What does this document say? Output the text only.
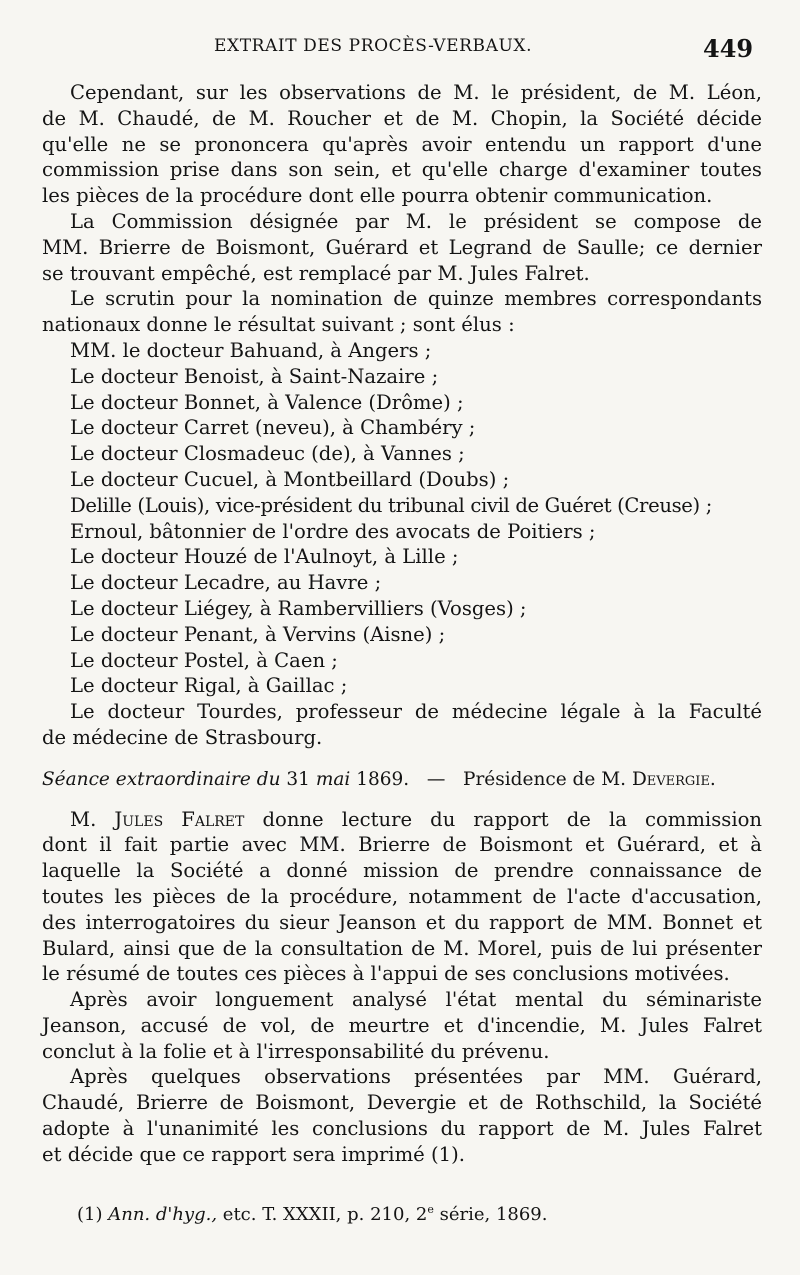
EXTRAIT DES PROCÈS-VERBAUX.	449
Cependant, sur les observations de M. le président, de M. Léon,
de M. Chaudé, de M. Roucher et de M. Chopin, la Société décide
qu'elle ne se prononcera qu'après avoir entendu un rapport d'une
commission prise dans son sein, et qu'elle charge d'examiner toutes
les pièces de la procédure dont elle pourra obtenir communication.
La Commission désignée par M. le président se compose de
MM. Brierre de Boismont, Guérard et Legrand de Saulle; ce dernier
se trouvant empêché, est remplacé par M. Jules Falret.
Le scrutin pour la nomination de quinze membres correspondants
nationaux donne le résultat suivant ; sont élus :
MM. le docteur Bahuand, à Angers ;
Le docteur Benoist, à Saint-Nazaire ;
Le docteur Bonnet, à Valence (Drôme) ;
Le docteur Carret (neveu), à Chambéry ;
Le docteur Closmadeuc (de), à Vannes ;
Le docteur Cucuel, à Montbeillard (Doubs) ;
Delille (Louis), vice-président du tribunal civil de Guéret (Creuse) ;
Ernoul, bâtonnier de l'ordre des avocats de Poitiers ;
Le docteur Houzé de l'Aulnoyt, à Lille ;
Le docteur Lecadre, au Havre ;
Le docteur Liégey, à Rambervilliers (Vosges) ;
Le docteur Penant, à Vervins (Aisne) ;
Le docteur Postel, à Caen ;
Le docteur Rigal, à Gaillac ;
Le docteur Tourdes, professeur de médecine légale à la Faculté
de médecine de Strasbourg.
Séance extraordinaire du 31 mai 1869. — Présidence de M. Devergie.
M. Jules Falret donne lecture du rapport de la commission
dont il fait partie avec MM. Brierre de Boismont et Guérard, et à
laquelle la Société a donné mission de prendre connaissance de
toutes les pièces de la procédure, notamment de l'acte d'accusation,
des interrogatoires du sieur Jeanson et du rapport de MM. Bonnet et
Bulard, ainsi que de la consultation de M. Morel, puis de lui présenter
le résumé de toutes ces pièces à l'appui de ses conclusions motivées.
Après avoir longuement analysé l'état mental du séminariste
Jeanson, accusé de vol, de meurtre et d'incendie, M. Jules Falret
conclut à la folie et à l'irresponsabilité du prévenu.
Après quelques observations présentées par MM. Guérard,
Chaudé, Brierre de Boismont, Devergie et de Rothschild, la Société
adopte à l'unanimité les conclusions du rapport de M. Jules Falret
et décide que ce rapport sera imprimé (1).
(1) Ann. d'hyg., etc. T. XXXII, p. 210, 2e série, 1869.
